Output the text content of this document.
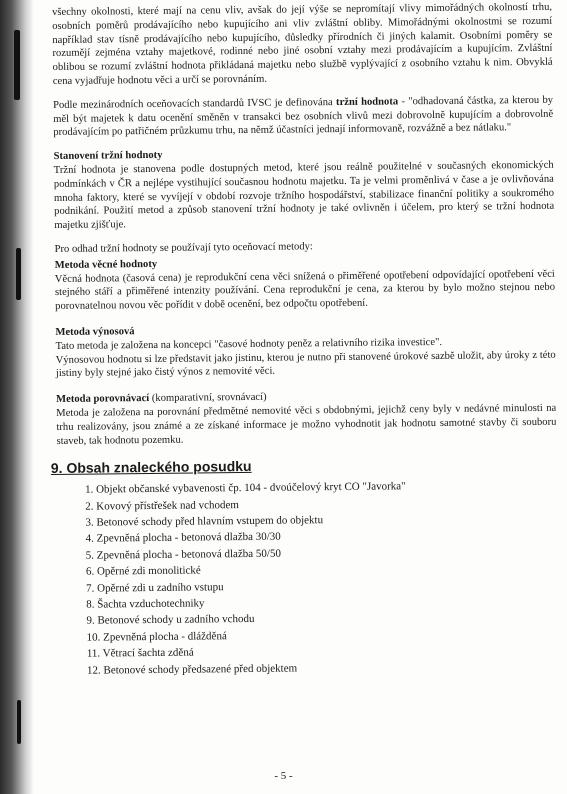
všechny okolnosti, které mají na cenu vliv, avšak do její výše se nepromítají vlivy mimořádných okolností trhu, osobních poměrů prodávajícího nebo kupujícího ani vliv zvláštní obliby. Mimořádnými okolnostmi se rozumí například stav tísně prodávajícího nebo kupujícího, důsledky přírodních či jiných kalamit. Osobními poměry se rozumějí zejména vztahy majetkové, rodinné nebo jiné osobní vztahy mezi prodávajícím a kupujícím. Zvláštní oblibou se rozumí zvláštní hodnota přikládaná majetku nebo službě vyplývající z osobního vztahu k nim. Obvyklá cena vyjadřuje hodnotu věci a určí se porovnáním.

Podle mezinárodních oceňovacích standardů IVSC je definována tržní hodnota - "odhadovaná částka, za kterou by měl být majetek k datu ocenění směněn v transakci bez osobních vlivů mezi dobrovolně kupujícím a dobrovolně prodávajícím po patřičném průzkumu trhu, na němž účastníci jednají informovaně, rozvážně a bez nátlaku."

Stanovení tržní hodnoty

Tržní hodnota je stanovena podle dostupných metod, které jsou reálně použitelné v současných ekonomických podmínkách v ČR a nejlépe vystihující současnou hodnotu majetku. Ta je velmi proměnlivá v čase a je ovlivňována mnoha faktory, které se vyvíjejí v období rozvoje tržního hospodářství, stabilizace finanční politiky a soukromého podnikání. Použití metod a způsob stanovení tržní hodnoty je také ovlivněn i účelem, pro který se tržní hodnota majetku zjišťuje.

Pro odhad tržní hodnoty se používají tyto oceňovací metody:

Metoda věcné hodnoty

Věcná hodnota (časová cena) je reprodukční cena věci snížená o přiměřené opotřebení odpovídající opotřebení věci stejného stáří a přiměřené intenzity používání. Cena reprodukční je cena, za kterou by bylo možno stejnou nebo porovnatelnou novou věc pořídit v době ocenění, bez odpočtu opotřebení.

Metoda výnosová

Tato metoda je založena na koncepci "časové hodnoty peněz a relativního rizika investice".

Výnosovou hodnotu si lze představit jako jistinu, kterou je nutno při stanovené úrokové sazbě uložit, aby úroky z této jistiny byly stejné jako čistý výnos z nemovité věci.

Metoda porovnávací (komparativní, srovnávací)

Metoda je založena na porovnání předmětné nemovité věci s obdobnými, jejichž ceny byly v nedávné minulosti na trhu realizovány, jsou známé a ze získané informace je možno vyhodnotit jak hodnotu samotné stavby či souboru staveb, tak hodnotu pozemku.

9. Obsah znaleckého posudku
1. Objekt občanské vybavenosti čp. 104 - dvoúčelový kryt CO "Javorka"
2. Kovový přístřešek nad vchodem
3. Betonové schody před hlavním vstupem do objektu
4. Zpevněná plocha - betonová dlažba 30/30
5. Zpevněná plocha - betonová dlažba 50/50
6. Opěrné zdi monolitické
7. Opěrné zdi u zadního vstupu
8. Šachta vzduchotechniky
9. Betonové schody u zadního vchodu
10. Zpevněná plocha - dlážděná
11. Větrací šachta zděná
12. Betonové schody předsazené před objektem
- 5 -
